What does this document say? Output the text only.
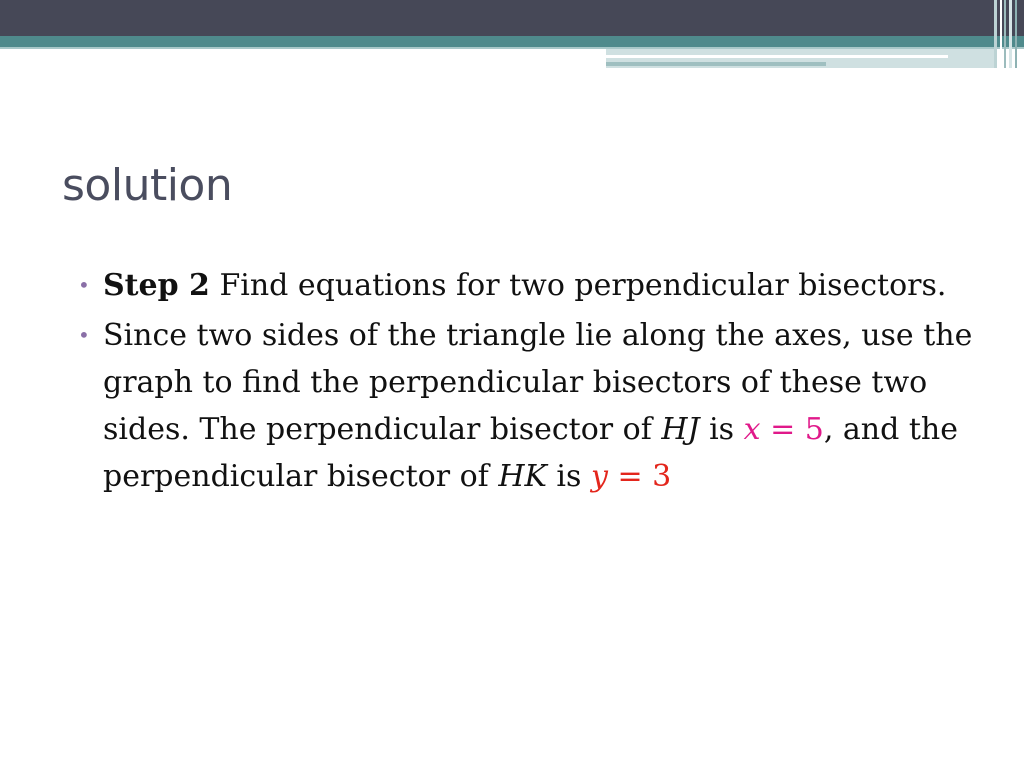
solution
• Step 2 Find equations for two perpendicular bisectors.
• Since two sides of the triangle lie along the axes, use the graph to find the perpendicular bisectors of these two sides. The perpendicular bisector of HJ is x = 5, and the perpendicular bisector of HK is y = 3
